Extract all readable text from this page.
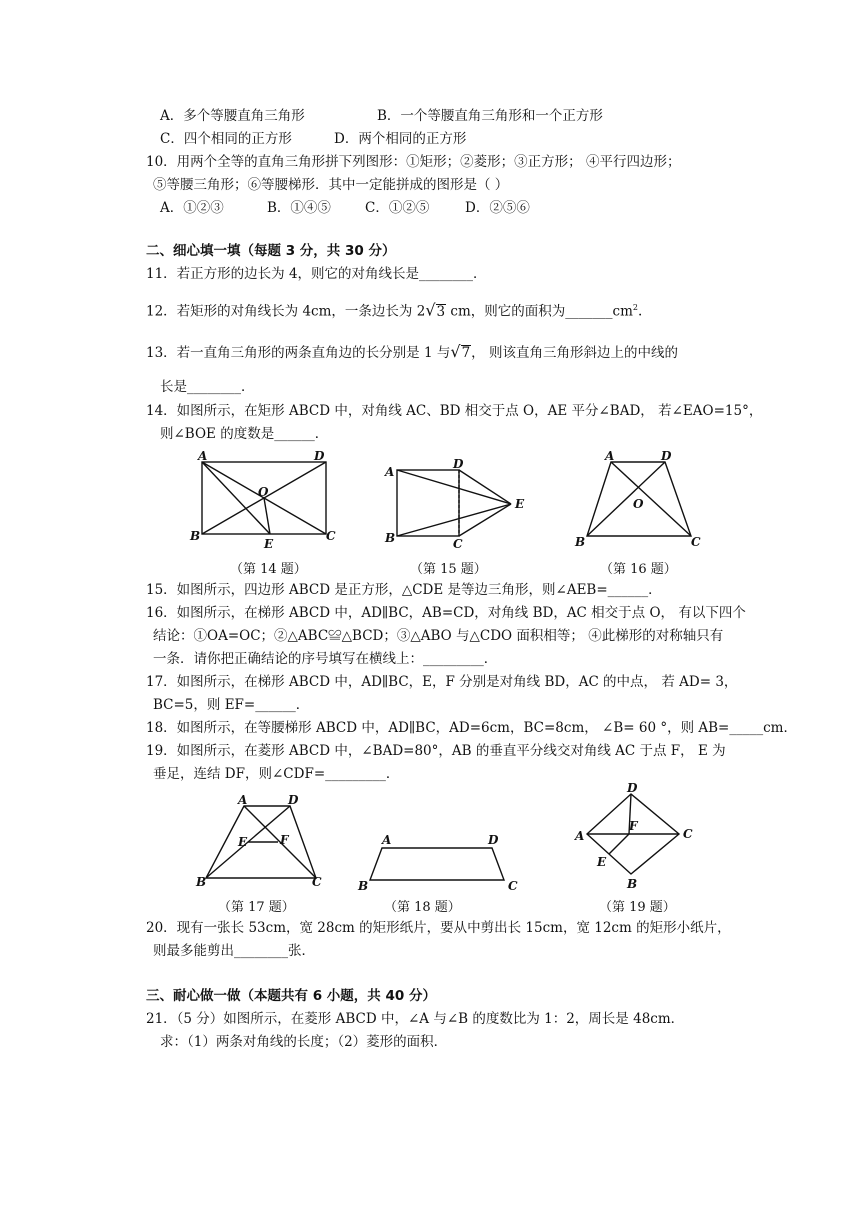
A．多个等腰直角三角形	B．一个等腰直角三角形和一个正方形
C．四个相同的正方形	D．两个相同的正方形
10．用两个全等的直角三角形拼下列图形：①矩形；②菱形；③正方形； ④平行四边形；
⑤等腰三角形；⑥等腰梯形．其中一定能拼成的图形是（ ）
A．①②③	B．①④⑤	C．①②⑤	D．②⑤⑥
二、细心填一填（每题 3 分，共 30 分）
11．若正方形的边长为 4，则它的对角线长是________．
12．若矩形的对角线长为 4cm，一条边长为 2√3 cm，则它的面积为$\_\_\_\_\_\_\_cm^2$.
13．若一直角三角形的两条直角边的长分别是 1 与√7， 则该直角三角形斜边上的中线的
长是________．
14．如图所示，在矩形 ABCD 中，对角线 AC、BD 相交于点 O，AE 平分∠BAD， 若∠EAO=15°，
则∠BOE 的度数是______．
A	D
O
B	C
E
（第 14 题）
A
D
E
B	C
（第 15 题）
A	D
O
B	C
（第 16 题）
15．如图所示，四边形 ABCD 是正方形，△CDE 是等边三角形，则∠AEB=______．
16．如图所示，在梯形 ABCD 中，AD∥BC，AB=CD，对角线 BD，AC 相交于点 O， 有以下四个
结论：①OA=OC；②△ABC≌△BCD；③△ABO 与△CDO 面积相等； ④此梯形的对称轴只有
一条．请你把正确结论的序号填写在横线上：_________．
17．如图所示，在梯形 ABCD 中，AD∥BC，E，F 分别是对角线 BD，AC 的中点， 若 AD= 3，
BC=5，则 EF=______．
18．如图所示，在等腰梯形 ABCD 中，AD∥BC，AD=6cm，BC=8cm， ∠B= 60 °，则 AB=_____cm．
19．如图所示，在菱形 ABCD 中，∠BAD=80°，AB 的垂直平分线交对角线 AC 于点 F， E 为
垂足，连结 DF，则∠CDF=_________．
A	D
E	F
B	C
（第 17 题）
A	D
B	C
（第 18 题）
D
A	C
F
E
B
（第 19 题）
20．现有一张长 53cm，宽 28cm 的矩形纸片，要从中剪出长 15cm，宽 12cm 的矩形小纸片，
则最多能剪出________张．
三、耐心做一做（本题共有 6 小题，共 40 分）
21．（5 分）如图所示，在菱形 ABCD 中，∠A 与∠B 的度数比为 1：2，周长是 48cm．
求：（1）两条对角线的长度；（2）菱形的面积．
